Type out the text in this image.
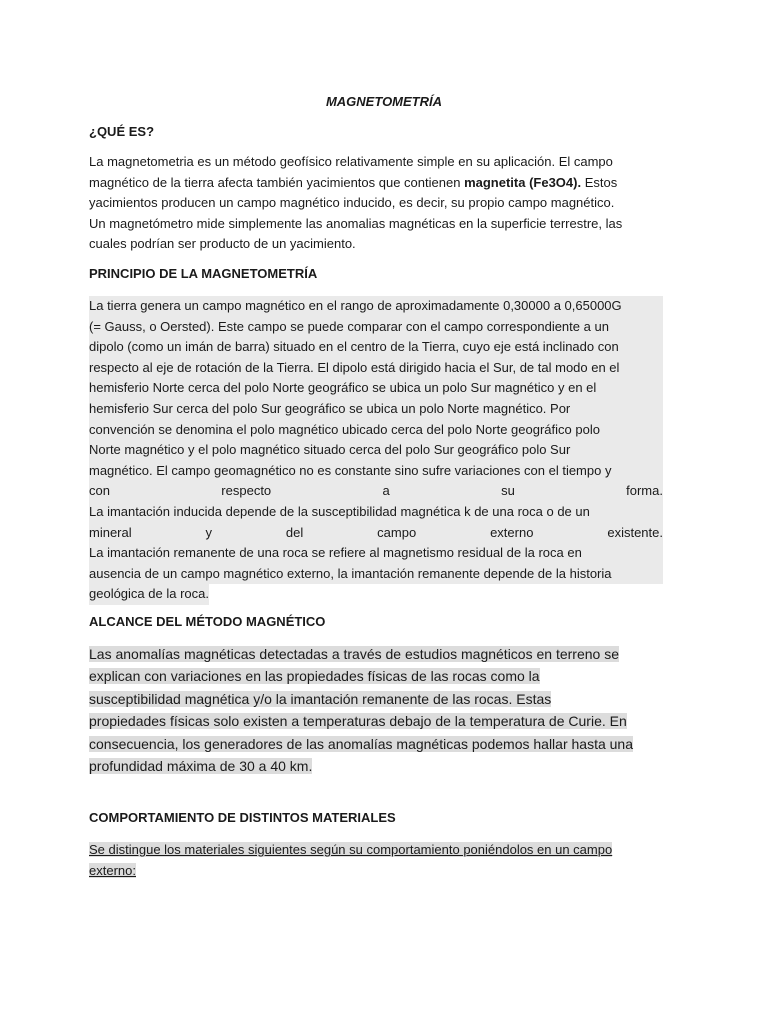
MAGNETOMETRÍA
¿QUÉ ES?
La magnetometria es un método geofísico relativamente simple en su aplicación. El campo
magnético de la tierra afecta también yacimientos que contienen magnetita (Fe3O4). Estos
yacimientos producen un campo magnético inducido, es decir, su propio campo magnético.
Un magnetómetro mide simplemente las anomalias magnéticas en la superficie terrestre, las
cuales podrían ser producto de un yacimiento.
PRINCIPIO DE LA MAGNETOMETRÍA
La tierra genera un campo magnético en el rango de aproximadamente 0,30000 a 0,65000G
(= Gauss, o Oersted). Este campo se puede comparar con el campo correspondiente a un
dipolo (como un imán de barra) situado en el centro de la Tierra, cuyo eje está inclinado con
respecto al eje de rotación de la Tierra. El dipolo está dirigido hacia el Sur, de tal modo en el
hemisferio Norte cerca del polo Norte geográfico se ubica un polo Sur magnético y en el
hemisferio Sur cerca del polo Sur geográfico se ubica un polo Norte magnético. Por
convención se denomina el polo magnético ubicado cerca del polo Norte geográfico polo
Norte magnético y el polo magnético situado cerca del polo Sur geográfico polo Sur
magnético. El campo geomagnético no es constante sino sufre variaciones con el tiempo y
con	respecto	a	su	forma.
La imantación inducida depende de la susceptibilidad magnética k de una roca o de un
mineral	y	del	campo	externo	existente.
La imantación remanente de una roca se refiere al magnetismo residual de la roca en
ausencia de un campo magnético externo, la imantación remanente depende de la historia
geológica de la roca.
ALCANCE DEL MÉTODO MAGNÉTICO
Las anomalías magnéticas detectadas a través de estudios magnéticos en terreno se
explican con variaciones en las propiedades físicas de las rocas como la
susceptibilidad magnética y/o la imantación remanente de las rocas. Estas
propiedades físicas solo existen a temperaturas debajo de la temperatura de Curie. En
consecuencia, los generadores de las anomalías magnéticas podemos hallar hasta una
profundidad máxima de 30 a 40 km.
COMPORTAMIENTO DE DISTINTOS MATERIALES
Se distingue los materiales siguientes según su comportamiento poniéndolos en un campo
externo:
